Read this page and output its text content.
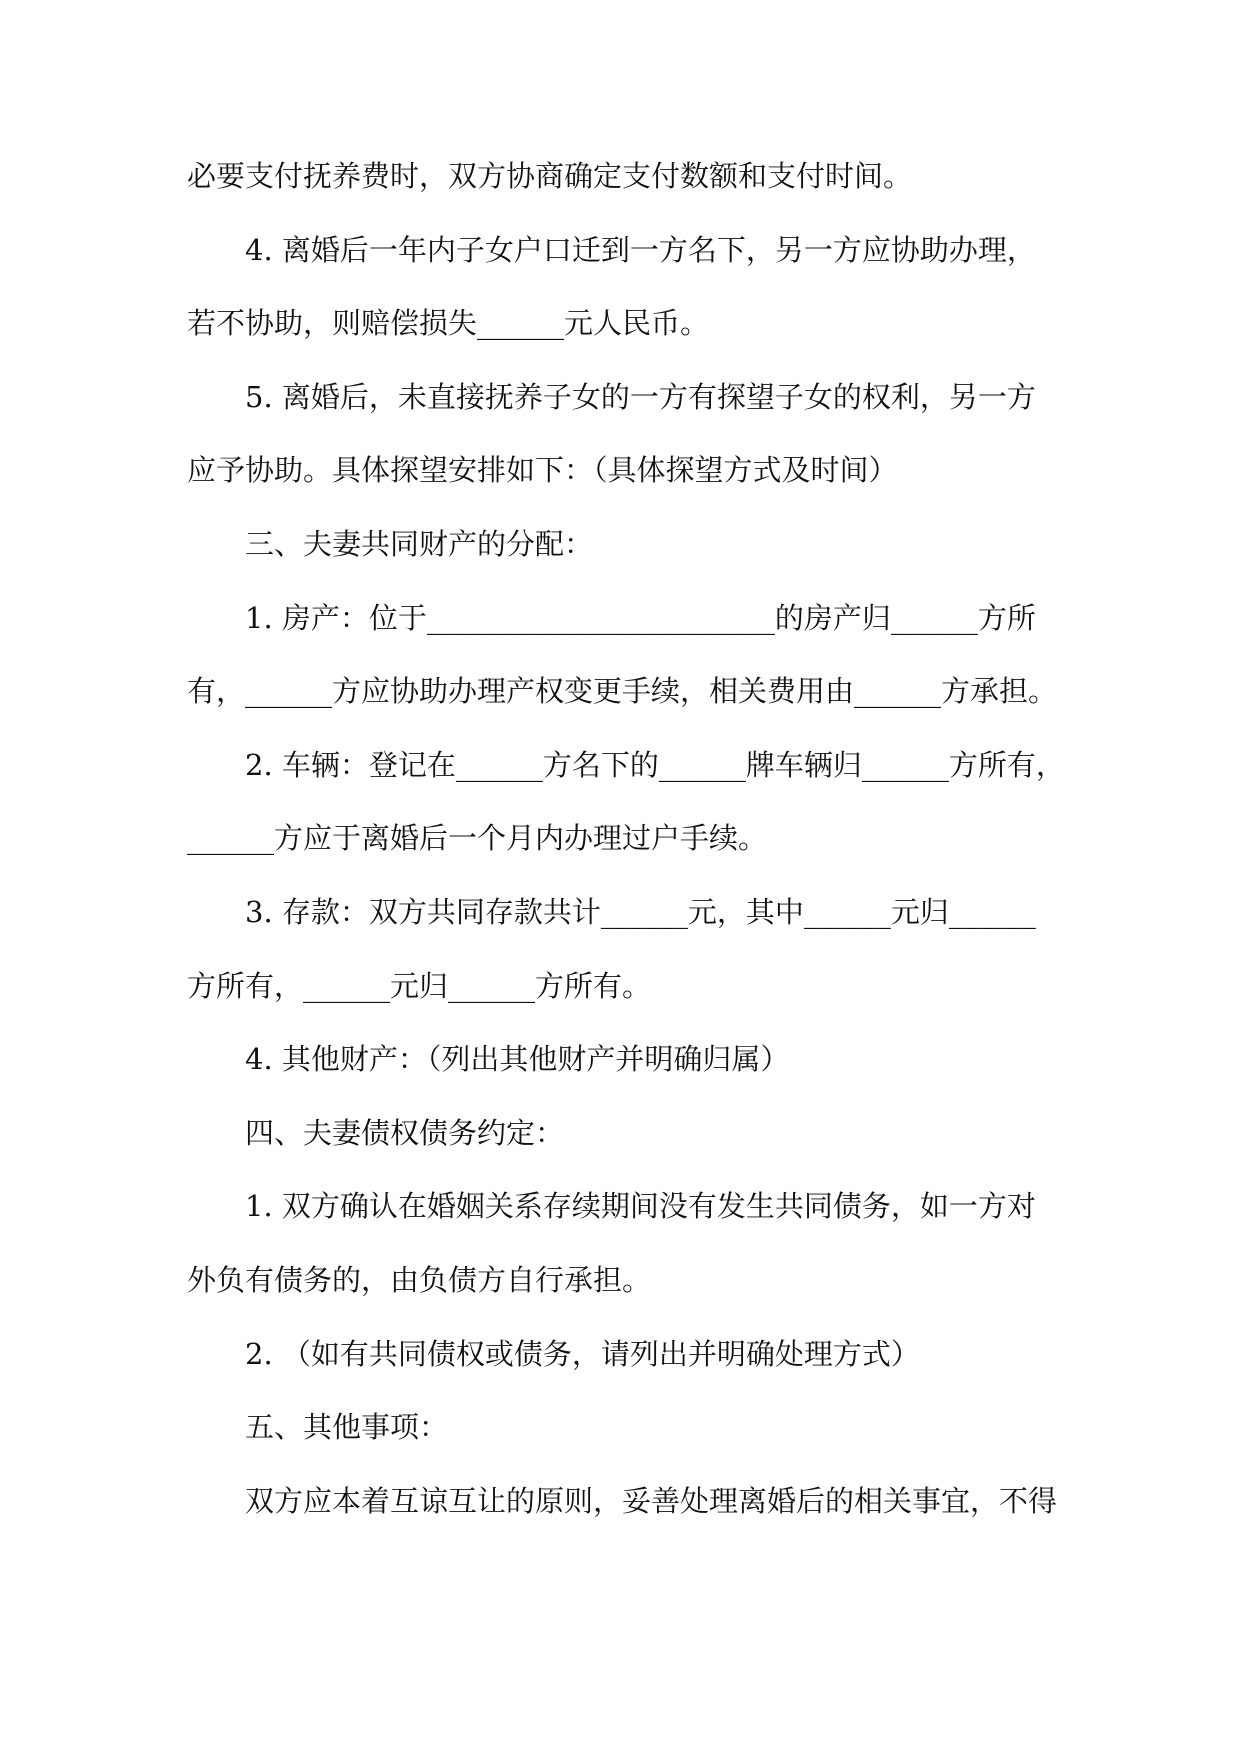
必要支付抚养费时，双方协商确定支付数额和支付时间。
4. 离婚后一年内子女户口迁到一方名下，另一方应协助办理，
若不协助，则赔偿损失______元人民币。
5. 离婚后，未直接抚养子女的一方有探望子女的权利，另一方
应予协助。具体探望安排如下：（具体探望方式及时间）
三、夫妻共同财产的分配：
1. 房产：位于________________________的房产归______方所
有，______方应协助办理产权变更手续，相关费用由______方承担。
2. 车辆：登记在______方名下的______牌车辆归______方所有，
______方应于离婚后一个月内办理过户手续。
3. 存款：双方共同存款共计______元，其中______元归______
方所有，______元归______方所有。
4. 其他财产：（列出其他财产并明确归属）
四、夫妻债权债务约定：
1. 双方确认在婚姻关系存续期间没有发生共同债务，如一方对
外负有债务的，由负债方自行承担。
2. （如有共同债权或债务，请列出并明确处理方式）
五、其他事项：
双方应本着互谅互让的原则，妥善处理离婚后的相关事宜，不得
